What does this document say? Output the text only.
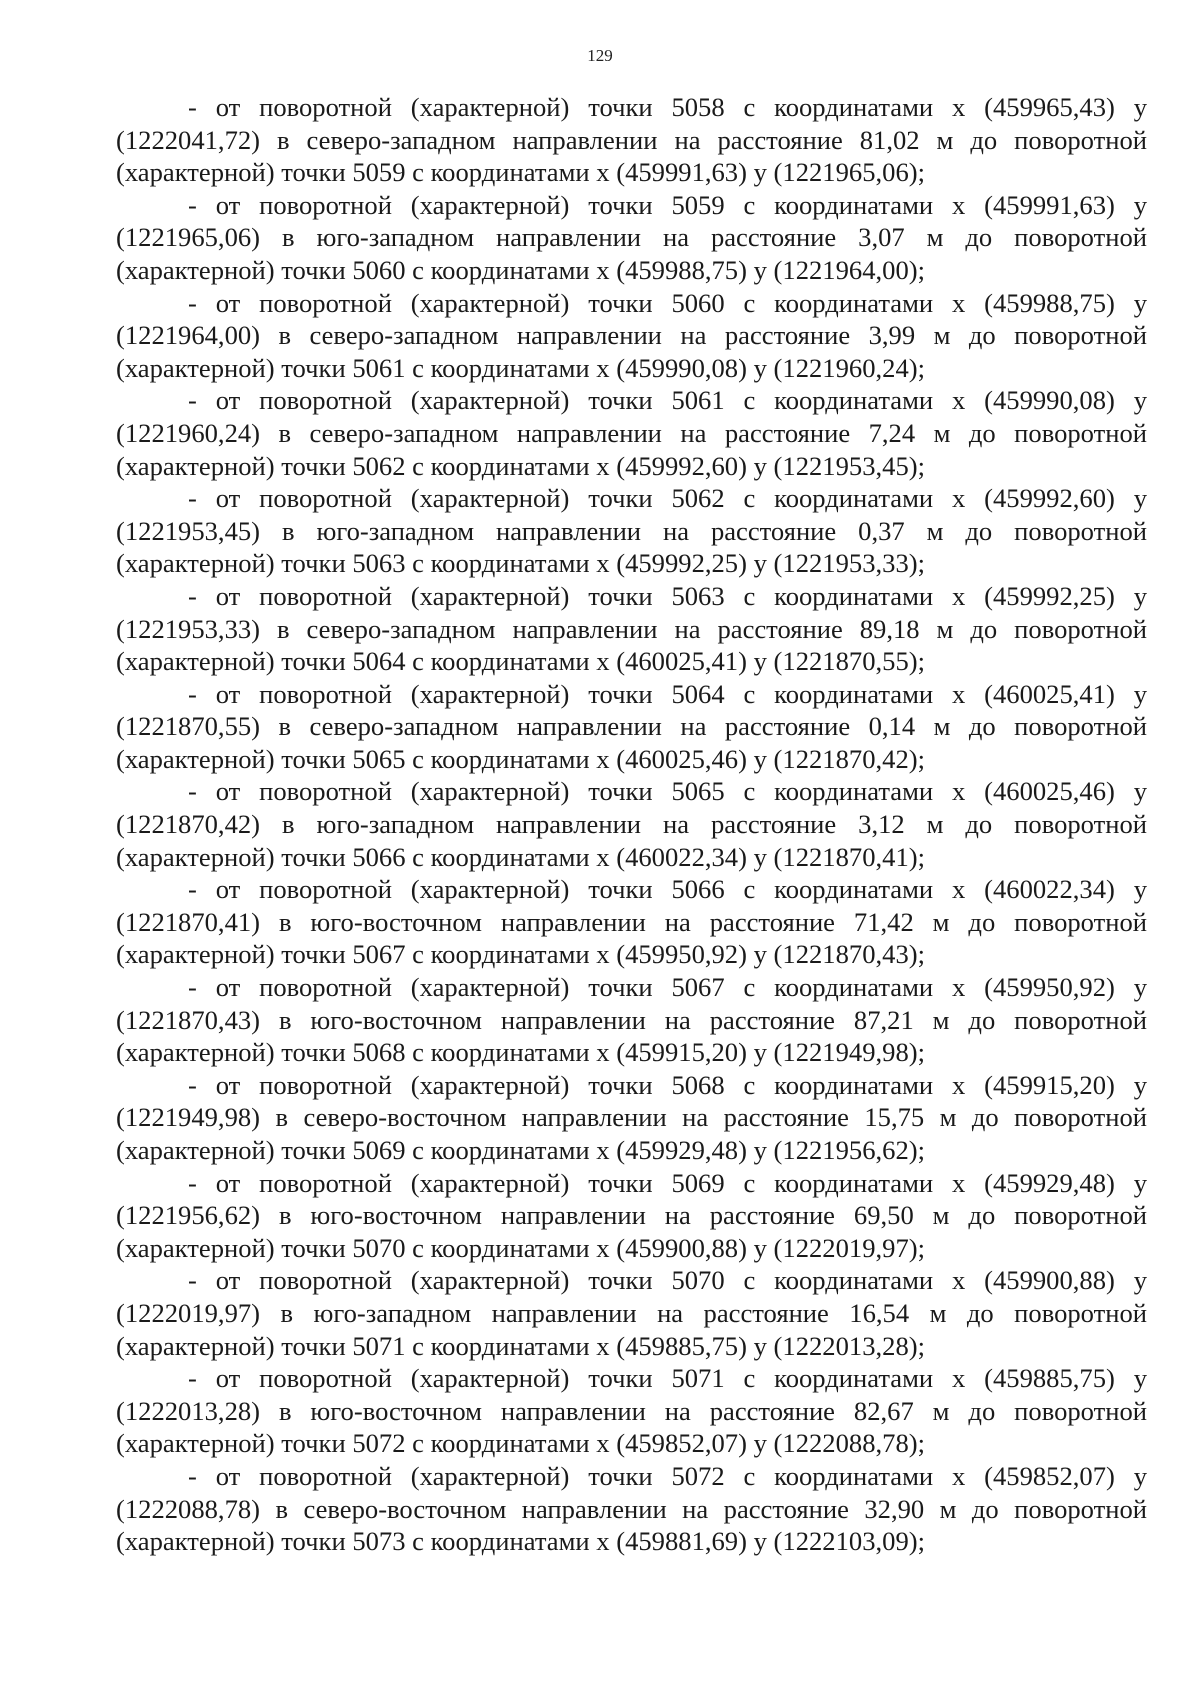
129

- от поворотной (характерной) точки 5058 с координатами х (459965,43) у (1222041,72) в северо-западном направлении на расстояние 81,02 м до поворотной (характерной) точки 5059 с координатами х (459991,63) у (1221965,06);

- от поворотной (характерной) точки 5059 с координатами х (459991,63) у (1221965,06) в юго-западном направлении на расстояние 3,07 м до поворотной (характерной) точки 5060 с координатами х (459988,75) у (1221964,00);

- от поворотной (характерной) точки 5060 с координатами х (459988,75) у (1221964,00) в северо-западном направлении на расстояние 3,99 м до поворотной (характерной) точки 5061 с координатами х (459990,08) у (1221960,24);

- от поворотной (характерной) точки 5061 с координатами х (459990,08) у (1221960,24) в северо-западном направлении на расстояние 7,24 м до поворотной (характерной) точки 5062 с координатами х (459992,60) у (1221953,45);

- от поворотной (характерной) точки 5062 с координатами х (459992,60) у (1221953,45) в юго-западном направлении на расстояние 0,37 м до поворотной (характерной) точки 5063 с координатами х (459992,25) у (1221953,33);

- от поворотной (характерной) точки 5063 с координатами х (459992,25) у (1221953,33) в северо-западном направлении на расстояние 89,18 м до поворотной (характерной) точки 5064 с координатами х (460025,41) у (1221870,55);

- от поворотной (характерной) точки 5064 с координатами х (460025,41) у (1221870,55) в северо-западном направлении на расстояние 0,14 м до поворотной (характерной) точки 5065 с координатами х (460025,46) у (1221870,42);

- от поворотной (характерной) точки 5065 с координатами х (460025,46) у (1221870,42) в юго-западном направлении на расстояние 3,12 м до поворотной (характерной) точки 5066 с координатами х (460022,34) у (1221870,41);

- от поворотной (характерной) точки 5066 с координатами х (460022,34) у (1221870,41) в юго-восточном направлении на расстояние 71,42 м до поворотной (характерной) точки 5067 с координатами х (459950,92) у (1221870,43);

- от поворотной (характерной) точки 5067 с координатами х (459950,92) у (1221870,43) в юго-восточном направлении на расстояние 87,21 м до поворотной (характерной) точки 5068 с координатами х (459915,20) у (1221949,98);

- от поворотной (характерной) точки 5068 с координатами х (459915,20) у (1221949,98) в северо-восточном направлении на расстояние 15,75 м до поворотной (характерной) точки 5069 с координатами х (459929,48) у (1221956,62);

- от поворотной (характерной) точки 5069 с координатами х (459929,48) у (1221956,62) в юго-восточном направлении на расстояние 69,50 м до поворотной (характерной) точки 5070 с координатами х (459900,88) у (1222019,97);

- от поворотной (характерной) точки 5070 с координатами х (459900,88) у (1222019,97) в юго-западном направлении на расстояние 16,54 м до поворотной (характерной) точки 5071 с координатами х (459885,75) у (1222013,28);

- от поворотной (характерной) точки 5071 с координатами х (459885,75) у (1222013,28) в юго-восточном направлении на расстояние 82,67 м до поворотной (характерной) точки 5072 с координатами х (459852,07) у (1222088,78);

- от поворотной (характерной) точки 5072 с координатами х (459852,07) у (1222088,78) в северо-восточном направлении на расстояние 32,90 м до поворотной (характерной) точки 5073 с координатами х (459881,69) у (1222103,09);
